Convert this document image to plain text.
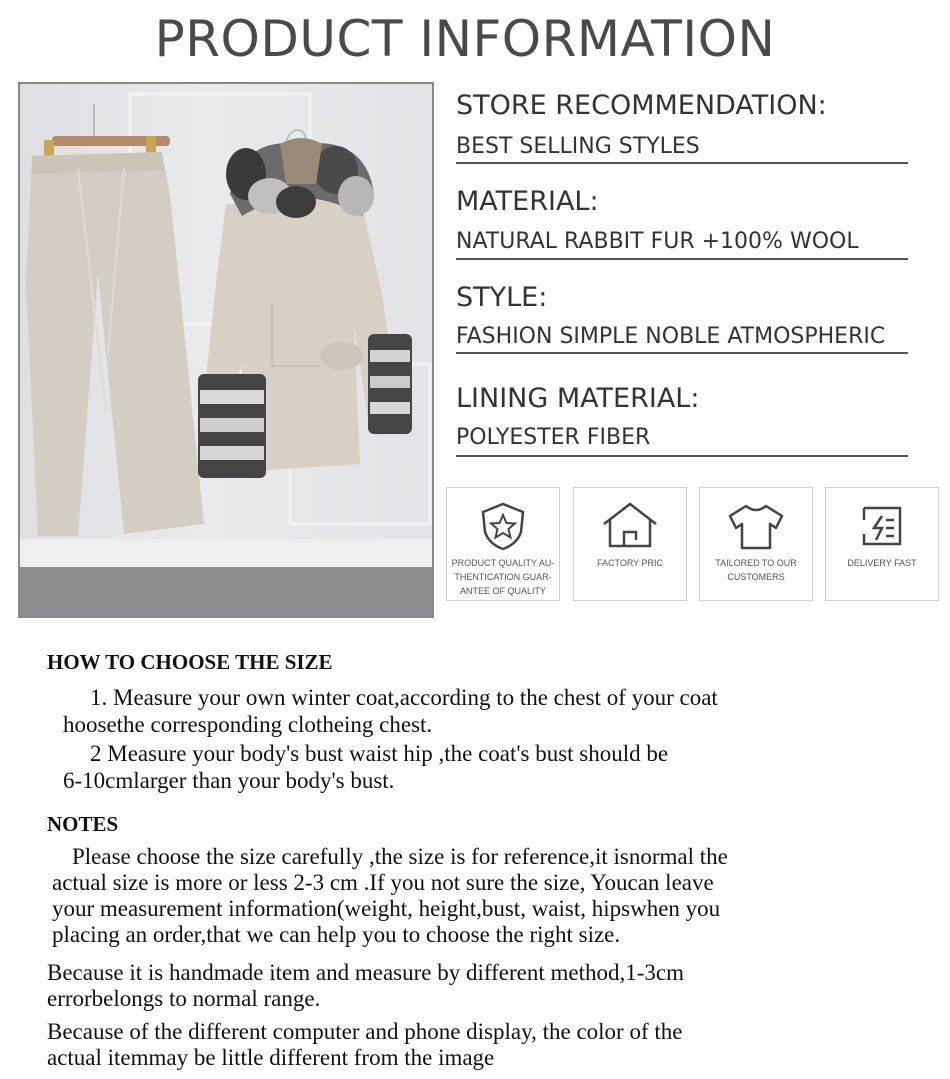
PRODUCT INFORMATION
STORE RECOMMENDATION:
BEST SELLING STYLES
MATERIAL:
NATURAL RABBIT FUR +100% WOOL
STYLE:
FASHION SIMPLE NOBLE ATMOSPHERIC
LINING MATERIAL:
POLYESTER FIBER
PRODUCT QUALITY AU-
THENTICATION GUAR-
ANTEE OF QUALITY
FACTORY PRIC	TAILORED TO OUR
CUSTOMERS
DELIVERY FAST
HOW TO CHOOSE THE SIZE
1. Measure your own winter coat,according to the chest of your coat
hoosethe corresponding clotheing chest.
2 Measure your body's bust waist hip ,the coat's bust should be
6-10cmlarger than your body's bust.
NOTES
Please choose the size carefully ,the size is for reference,it isnormal the
actual size is more or less 2-3 cm .If you not sure the size, Youcan leave
your measurement information(weight, height,bust, waist, hipswhen you
placing an order,that we can help you to choose the right size.
Because it is handmade item and measure by different method,1-3cm
errorbelongs to normal range.
Because of the different computer and phone display, the color of the
actual itemmay be little different from the image
